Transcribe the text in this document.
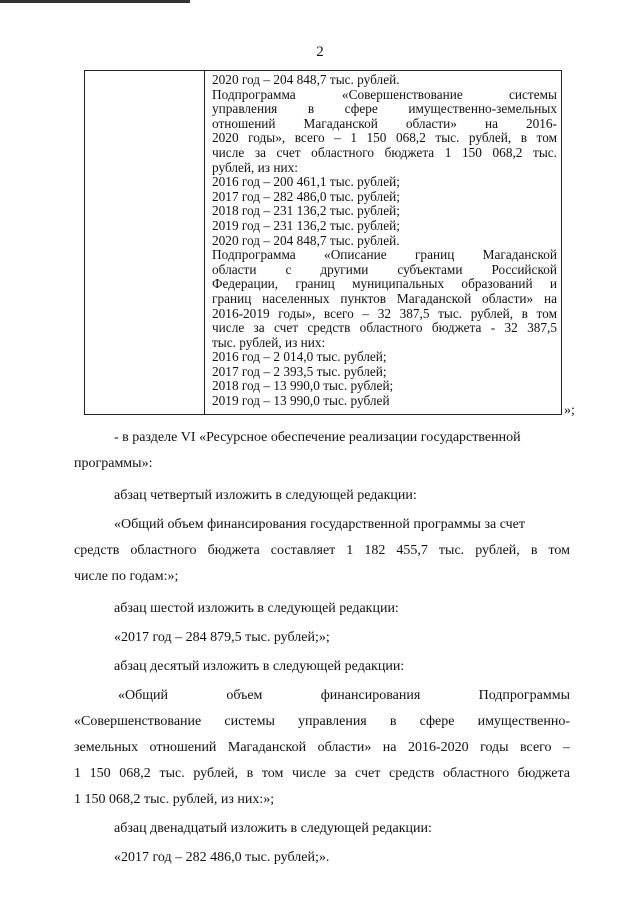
2
2020 год – 204 848,7 тыс. рублей.
Подпрограмма «Совершенствование системы
управления в сфере имущественно-земельных
отношений Магаданской области» на 2016-
2020 годы», всего – 1 150 068,2 тыс. рублей, в том
числе за счет областного бюджета 1 150 068,2 тыс.
рублей, из них:
2016 год – 200 461,1 тыс. рублей;
2017 год – 282 486,0 тыс. рублей;
2018 год – 231 136,2 тыс. рублей;
2019 год – 231 136,2 тыс. рублей;
2020 год – 204 848,7 тыс. рублей.
Подпрограмма «Описание границ Магаданской
области с другими субъектами Российской
Федерации, границ муниципальных образований и
границ населенных пунктов Магаданской области» на
2016-2019 годы», всего – 32 387,5 тыс. рублей, в том
числе за счет средств областного бюджета - 32 387,5
тыс. рублей, из них:
2016 год – 2 014,0 тыс. рублей;
2017 год – 2 393,5 тыс. рублей;
2018 год – 13 990,0 тыс. рублей;
2019 год – 13 990,0 тыс. рублей
»;
- в разделе VI «Ресурсное обеспечение реализации государственной
программы»:
абзац четвертый изложить в следующей редакции:
«Общий объем финансирования государственной программы за счет
средств областного бюджета составляет 1 182 455,7 тыс. рублей, в том
числе по годам:»;
абзац шестой изложить в следующей редакции:
«2017 год – 284 879,5 тыс. рублей;»;
абзац десятый изложить в следующей редакции:
«Общий объем финансирования Подпрограммы
«Совершенствование системы управления в сфере имущественно-
земельных отношений Магаданской области» на 2016-2020 годы всего –
1 150 068,2 тыс. рублей, в том числе за счет средств областного бюджета
1 150 068,2 тыс. рублей, из них:»;
абзац двенадцатый изложить в следующей редакции:
«2017 год – 282 486,0 тыс. рублей;».
